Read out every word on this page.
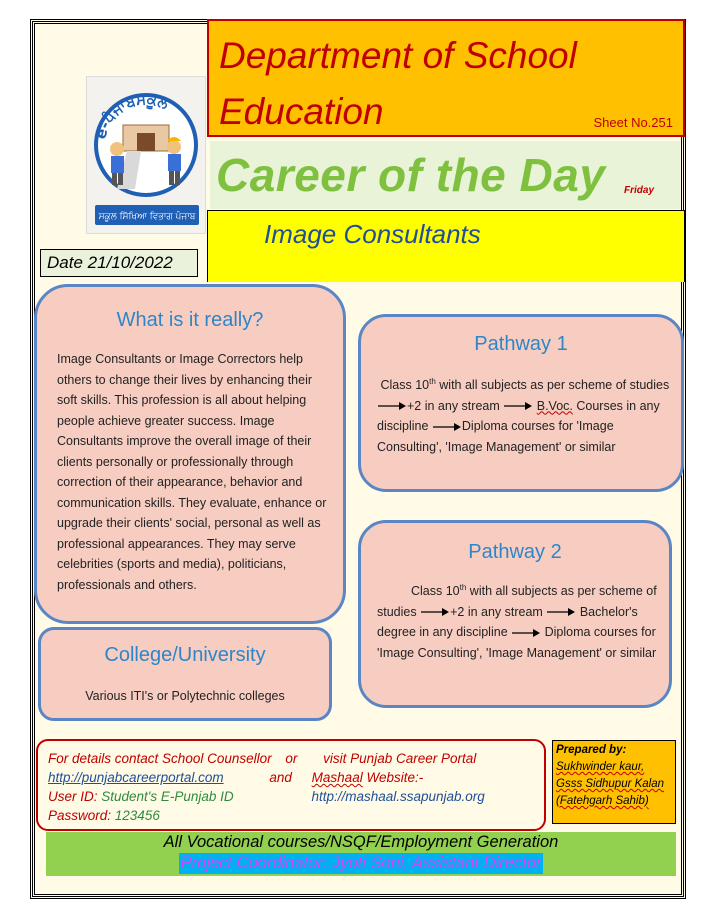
e-ਪੰਜਾਬਸਕੂਲ
ਸਕੂਲ ਸਿੱਖਿਆ ਵਿਭਾਗ ਪੰਜਾਬ
Department of School
Education	Sheet No.251
Career of the Day Friday
Image Consultants
Date 21/10/2022
What is it really?
Image Consultants or Image Correctors help others to change their lives by enhancing their soft skills. This profession is all about helping people achieve greater success. Image Consultants improve the overall image of their clients personally or professionally through correction of their appearance, behavior and communication skills. They evaluate, enhance or upgrade their clients' social, personal as well as professional appearances. They may serve celebrities (sports and media), politicians, professionals and others.
Pathway 1
Class 10th with all subjects as per scheme of studies +2 in any stream	B.Voc. Courses in any discipline	Diploma courses for 'Image Consulting', 'Image Management' or similar
Pathway 2
Class 10th with all subjects as per scheme of studies	+2 in any stream	Bachelor's degree in any discipline	Diploma courses for 'Image Consulting', 'Image Management' or similar
College/University
Various ITI's or Polytechnic colleges
For details contact School Counsellor or visit Punjab Career Portal
http://punjabcareerportal.com	and Mashaal Website:-
User ID: Student's E-Punjab ID	http://mashaal.ssapunjab.org
Password: 123456
Prepared by:
Sukhwinder kaur,
Gsss Sidhupur Kalan
(Fatehgarh Sahib)
All Vocational courses/NSQF/Employment Generation
Project Coordinator: Jyoti Soni, Assistant Director
